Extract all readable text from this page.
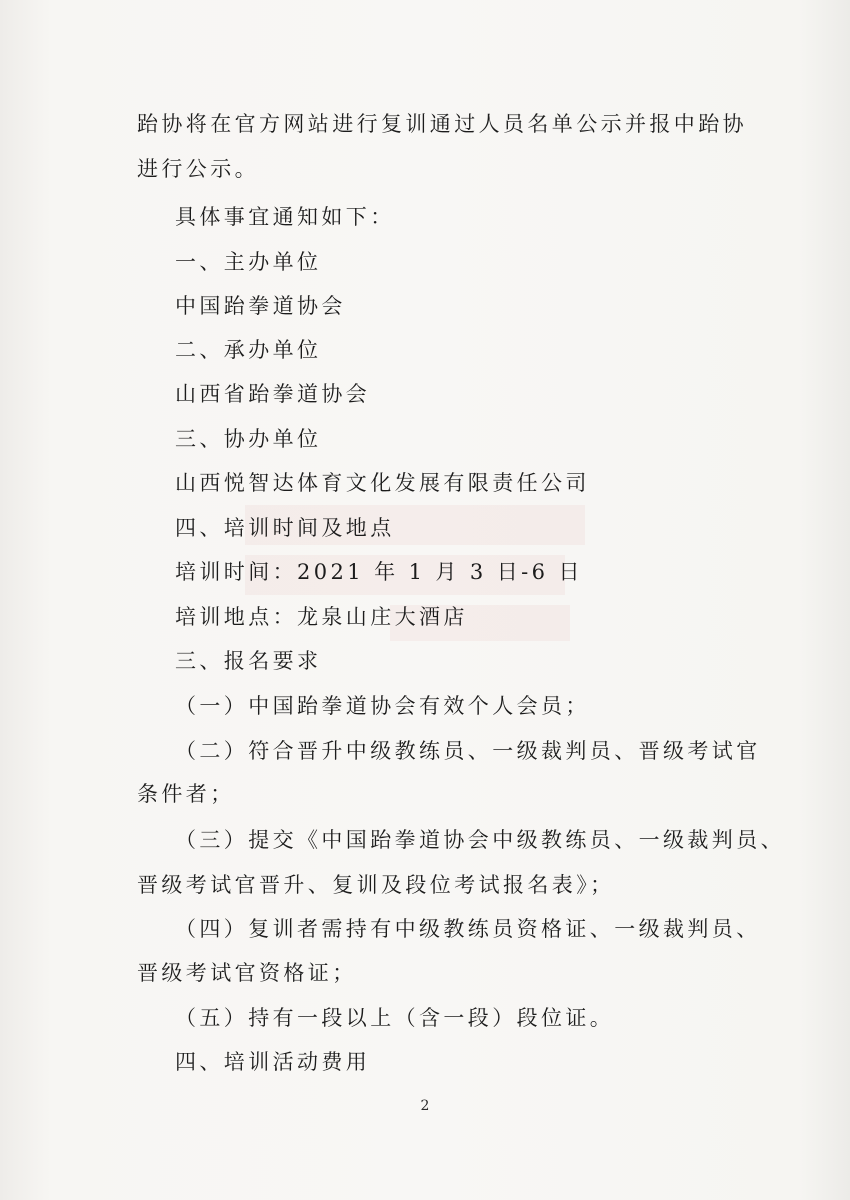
跆协将在官方网站进行复训通过人员名单公示并报中跆协
进行公示。
具体事宜通知如下：
一、主办单位
中国跆拳道协会
二、承办单位
山西省跆拳道协会
三、协办单位
山西悦智达体育文化发展有限责任公司
四、培训时间及地点
培训时间：2021 年 1 月 3 日-6 日
培训地点：龙泉山庄大酒店
三、报名要求
（一）中国跆拳道协会有效个人会员；
（二）符合晋升中级教练员、一级裁判员、晋级考试官
条件者；
（三）提交《中国跆拳道协会中级教练员、一级裁判员、
晋级考试官晋升、复训及段位考试报名表》；
（四）复训者需持有中级教练员资格证、一级裁判员、
晋级考试官资格证；
（五）持有一段以上（含一段）段位证。
四、培训活动费用
2
